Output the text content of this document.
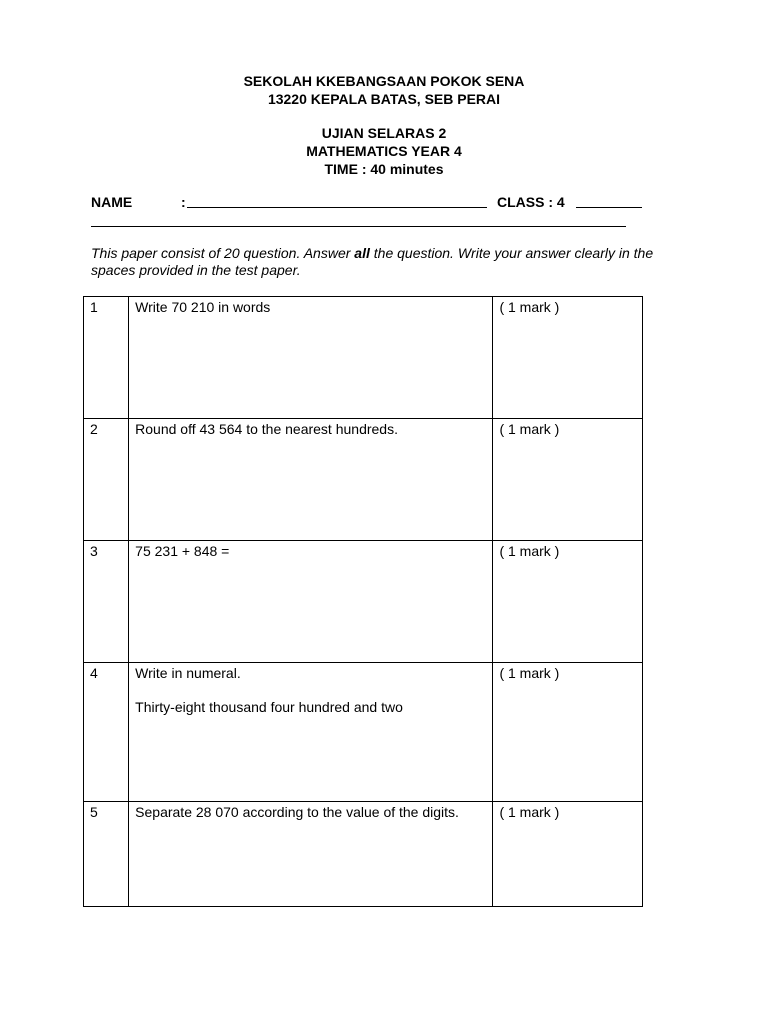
SEKOLAH KKEBANGSAAN POKOK SENA
13220 KEPALA BATAS, SEB PERAI
UJIAN SELARAS 2
MATHEMATICS YEAR 4
TIME : 40 minutes
NAME	:	CLASS : 4
This paper consist of 20 question. Answer all the question. Write your answer clearly in the spaces provided in the test paper.
1	Write 70 210 in words	( 1 mark )
2	Round off 43 564 to the nearest hundreds.	( 1 mark )
3	75 231 + 848 =	( 1 mark )
4	Write in numeral.
Thirty-eight thousand four hundred and two	( 1 mark )
5	Separate 28 070 according to the value of the digits.	( 1 mark )
